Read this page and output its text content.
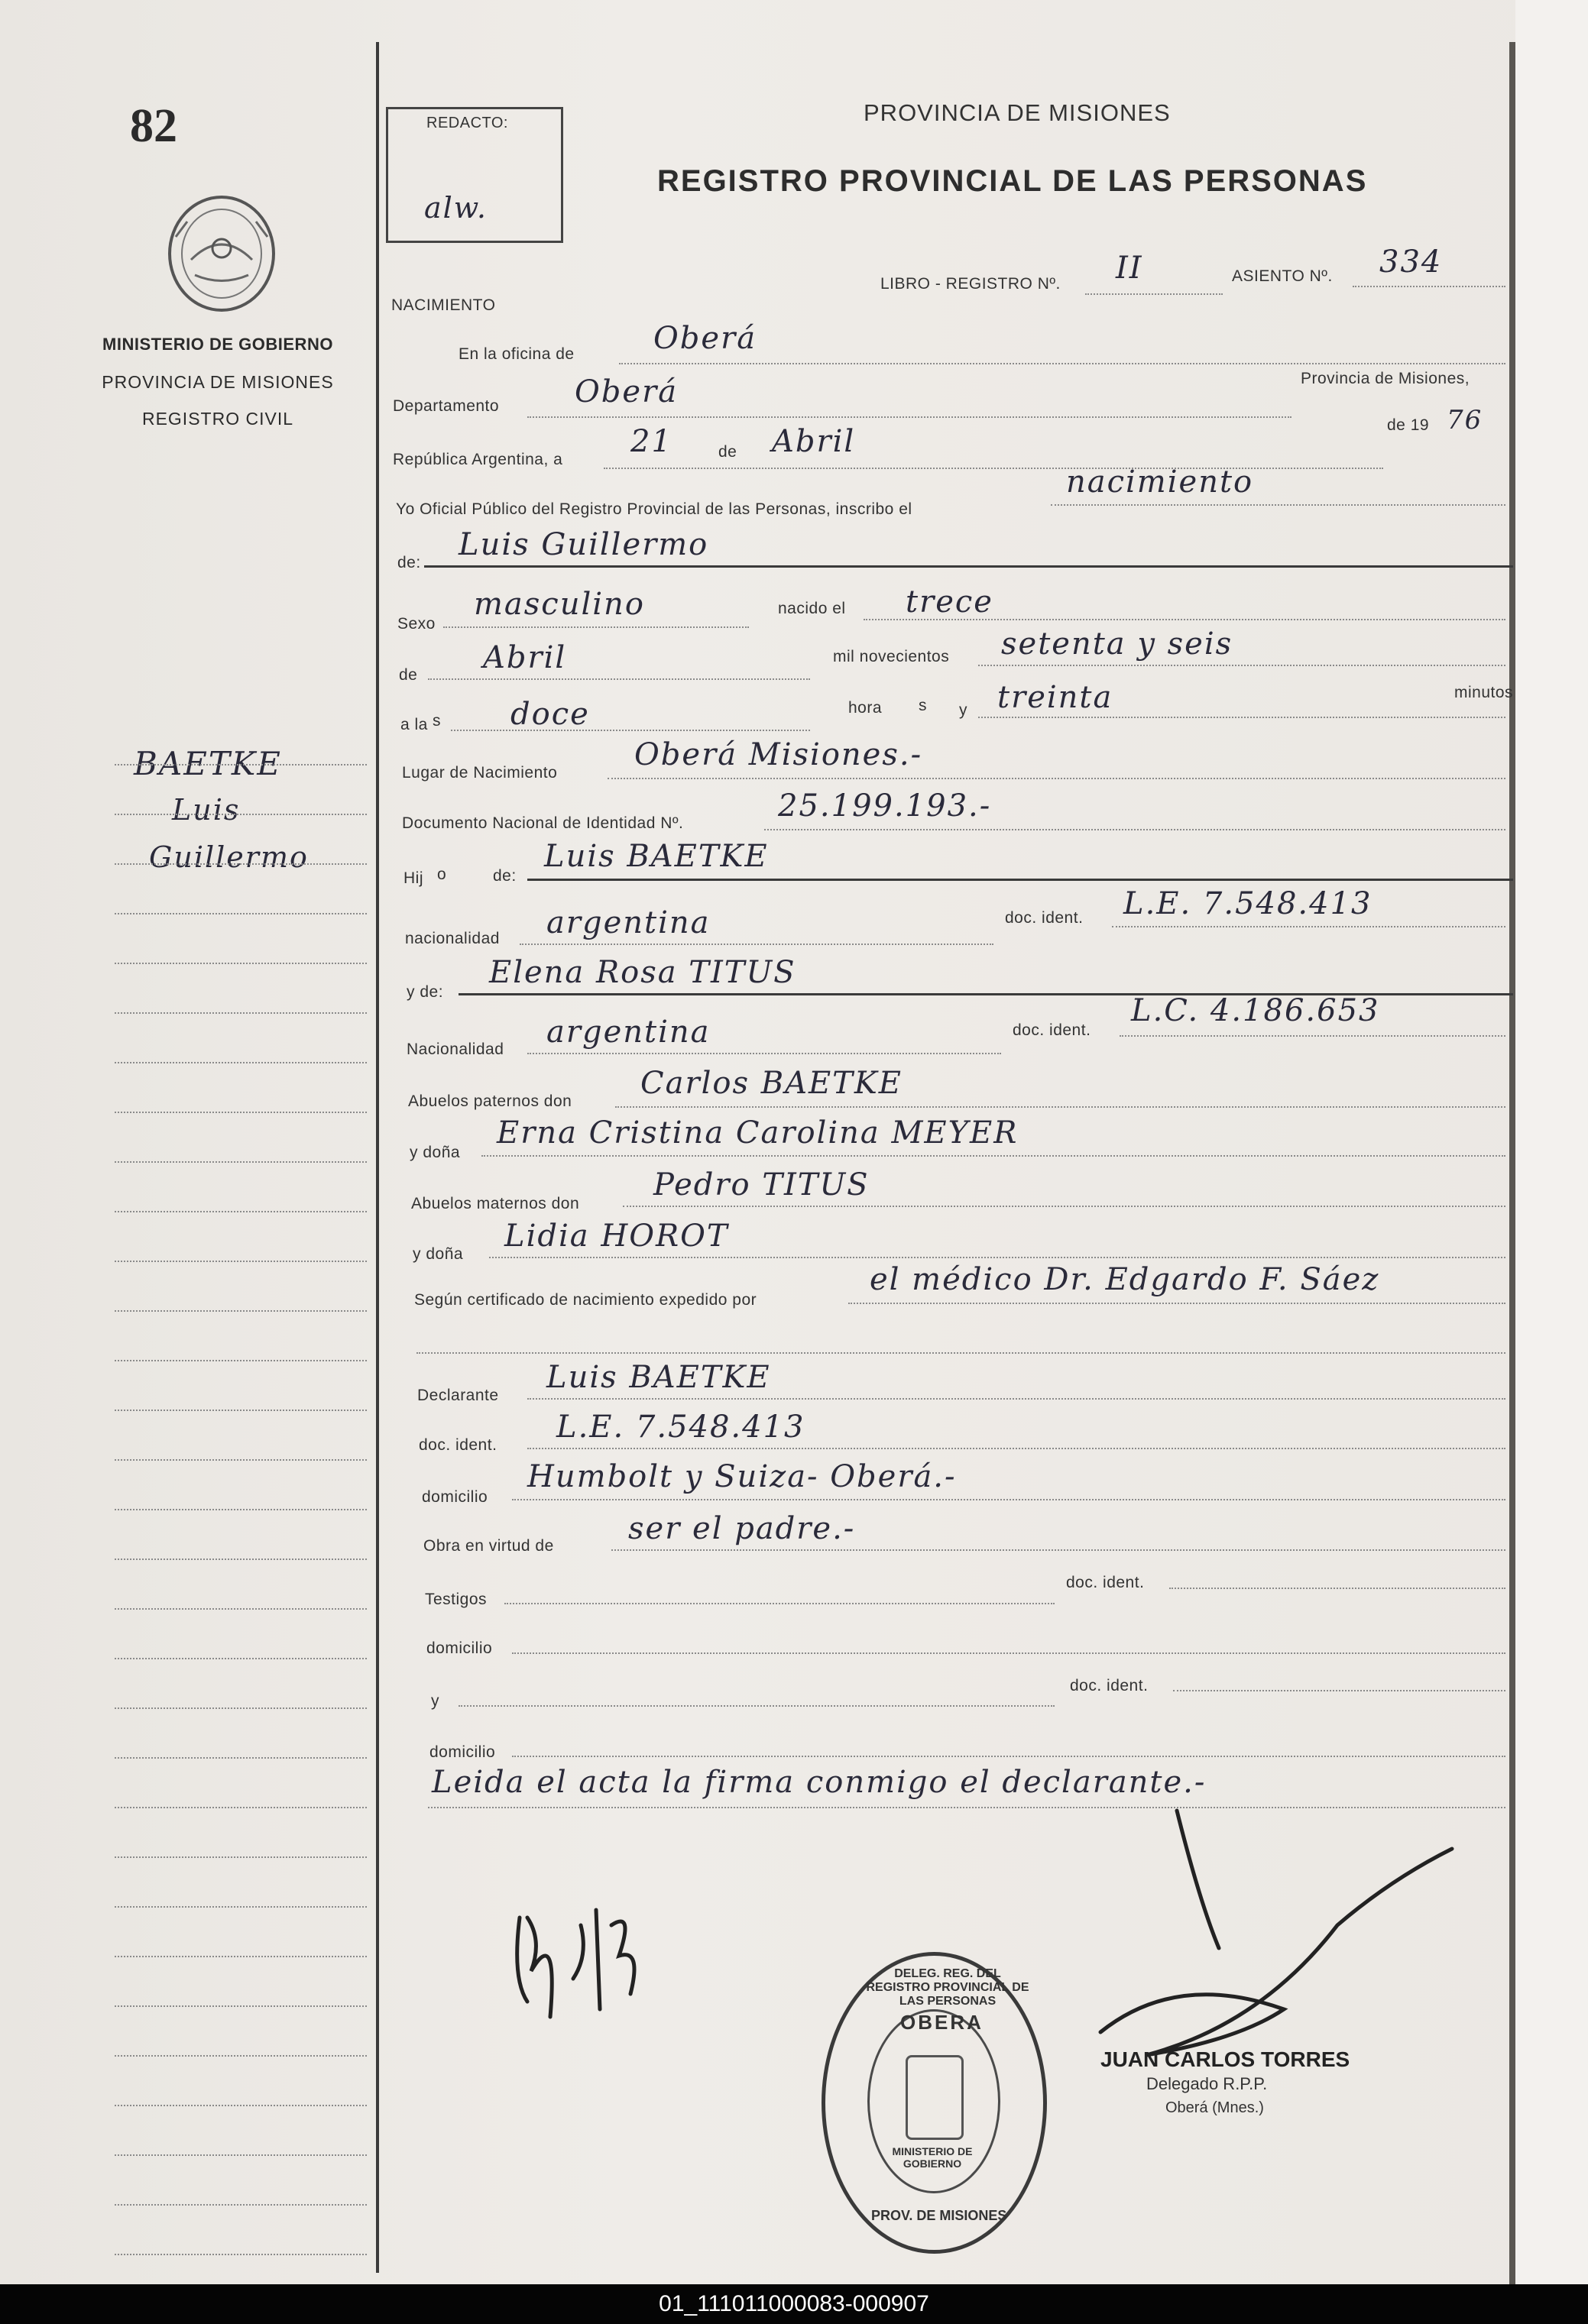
82
MINISTERIO DE GOBIERNO
PROVINCIA DE MISIONES
REGISTRO CIVIL
BAETKE
Luis
Guillermo
REDACTO:
alw.
PROVINCIA DE MISIONES
REGISTRO PROVINCIAL DE LAS PERSONAS
LIBRO - REGISTRO Nº. II	ASIENTO Nº. 334
NACIMIENTO
En la oficina de	Oberá
Provincia de Misiones,
Departamento Oberá
República Argentina, a
21	de Abril	de 19 76
Yo Oficial Público del Registro Provincial de las Personas, inscribo el
nacimiento
de:
Luis Guillermo
Sexo
masculino	nacido el trece
de Abril	mil novecientos setenta y seis
a la s doce	hora s y treinta	minutos
Lugar de Nacimiento
Oberá Misiones.-
Documento Nacional de Identidad Nº.	25.199.193.-
Hij o	de:
Luis BAETKE
nacionalidad argentina	doc. ident. L.E. 7.548.413
y de:
Elena Rosa TITUS
Nacionalidad argentina	doc. ident.
L.C. 4.186.653
Abuelos paternos don
Carlos BAETKE
y doña
Erna Cristina Carolina MEYER
Abuelos maternos don
Pedro TITUS
y doña
Lidia HOROT
Según certificado de nacimiento expedido por
el médico Dr. Edgardo F. Sáez
Declarante
Luis BAETKE
doc. ident.
L.E. 7.548.413
domicilio
Humbolt y Suiza- Oberá.-
Obra en virtud de ser el padre.-
Testigos
doc. ident.
domicilio
y
doc. ident.
domicilio
Leida el acta la firma conmigo el declarante.-
DELEG. REG. DEL REGISTRO PROVINCIAL DE LAS PERSONAS
OBERA
MINISTERIO DE GOBIERNO
PROV. DE MISIONES
JUAN CARLOS TORRES
Delegado R.P.P.
Oberá (Mnes.)
01_111011000083-000907
